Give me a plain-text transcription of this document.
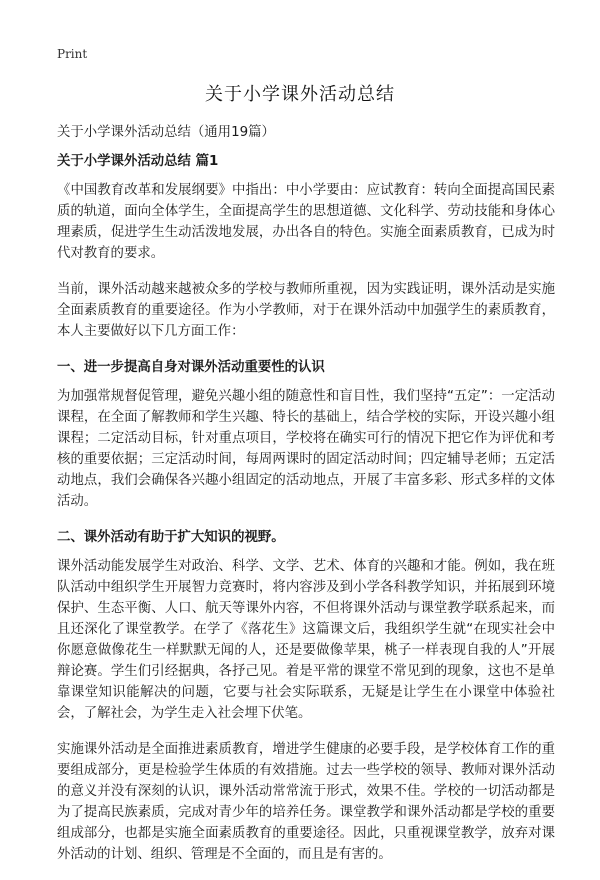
Print
关于小学课外活动总结

关于小学课外活动总结（通用19篇）

关于小学课外活动总结 篇1

《中国教育改革和发展纲要》中指出：中小学要由：应试教育：转向全面提高国民素质的轨道，面向全体学生，全面提高学生的思想道德、文化科学、劳动技能和身体心理素质，促进学生生动活泼地发展，办出各自的特色。实施全面素质教育，已成为时代对教育的要求。

当前，课外活动越来越被众多的学校与教师所重视，因为实践证明，课外活动是实施全面素质教育的重要途径。作为小学教师，对于在课外活动中加强学生的素质教育，本人主要做好以下几方面工作：

一、进一步提高自身对课外活动重要性的认识

为加强常规督促管理，避免兴趣小组的随意性和盲目性，我们坚持“五定”：一定活动课程，在全面了解教师和学生兴趣、特长的基础上，结合学校的实际，开设兴趣小组课程；二定活动目标，针对重点项目，学校将在确实可行的情况下把它作为评优和考核的重要依据；三定活动时间，每周两课时的固定活动时间；四定辅导老师；五定活动地点，我们会确保各兴趣小组固定的活动地点，开展了丰富多彩、形式多样的文体活动。

二、课外活动有助于扩大知识的视野。

课外活动能发展学生对政治、科学、文学、艺术、体育的兴趣和才能。例如，我在班队活动中组织学生开展智力竞赛时，将内容涉及到小学各科教学知识，并拓展到环境保护、生态平衡、人口、航天等课外内容，不但将课外活动与课堂教学联系起来，而且还深化了课堂教学。在学了《落花生》这篇课文后，我组织学生就“在现实社会中你愿意做像花生一样默默无闻的人，还是要做像苹果，桃子一样表现自我的人”开展辩论赛。学生们引经据典，各抒己见。着是平常的课堂不常见到的现象，这也不是单靠课堂知识能解决的问题，它要与社会实际联系，无疑是让学生在小课堂中体验社会，了解社会，为学生走入社会埋下伏笔。

实施课外活动是全面推进素质教育，增进学生健康的必要手段，是学校体育工作的重要组成部分，更是检验学生体质的有效措施。过去一些学校的领导、教师对课外活动的意义并没有深刻的认识，课外活动常常流于形式，效果不佳。学校的一切活动都是为了提高民族素质，完成对青少年的培养任务。课堂教学和课外活动都是学校的重要组成部分，也都是实施全面素质教育的重要途径。因此，只重视课堂教学，放弃对课外活动的计划、组织、管理是不全面的，而且是有害的。
